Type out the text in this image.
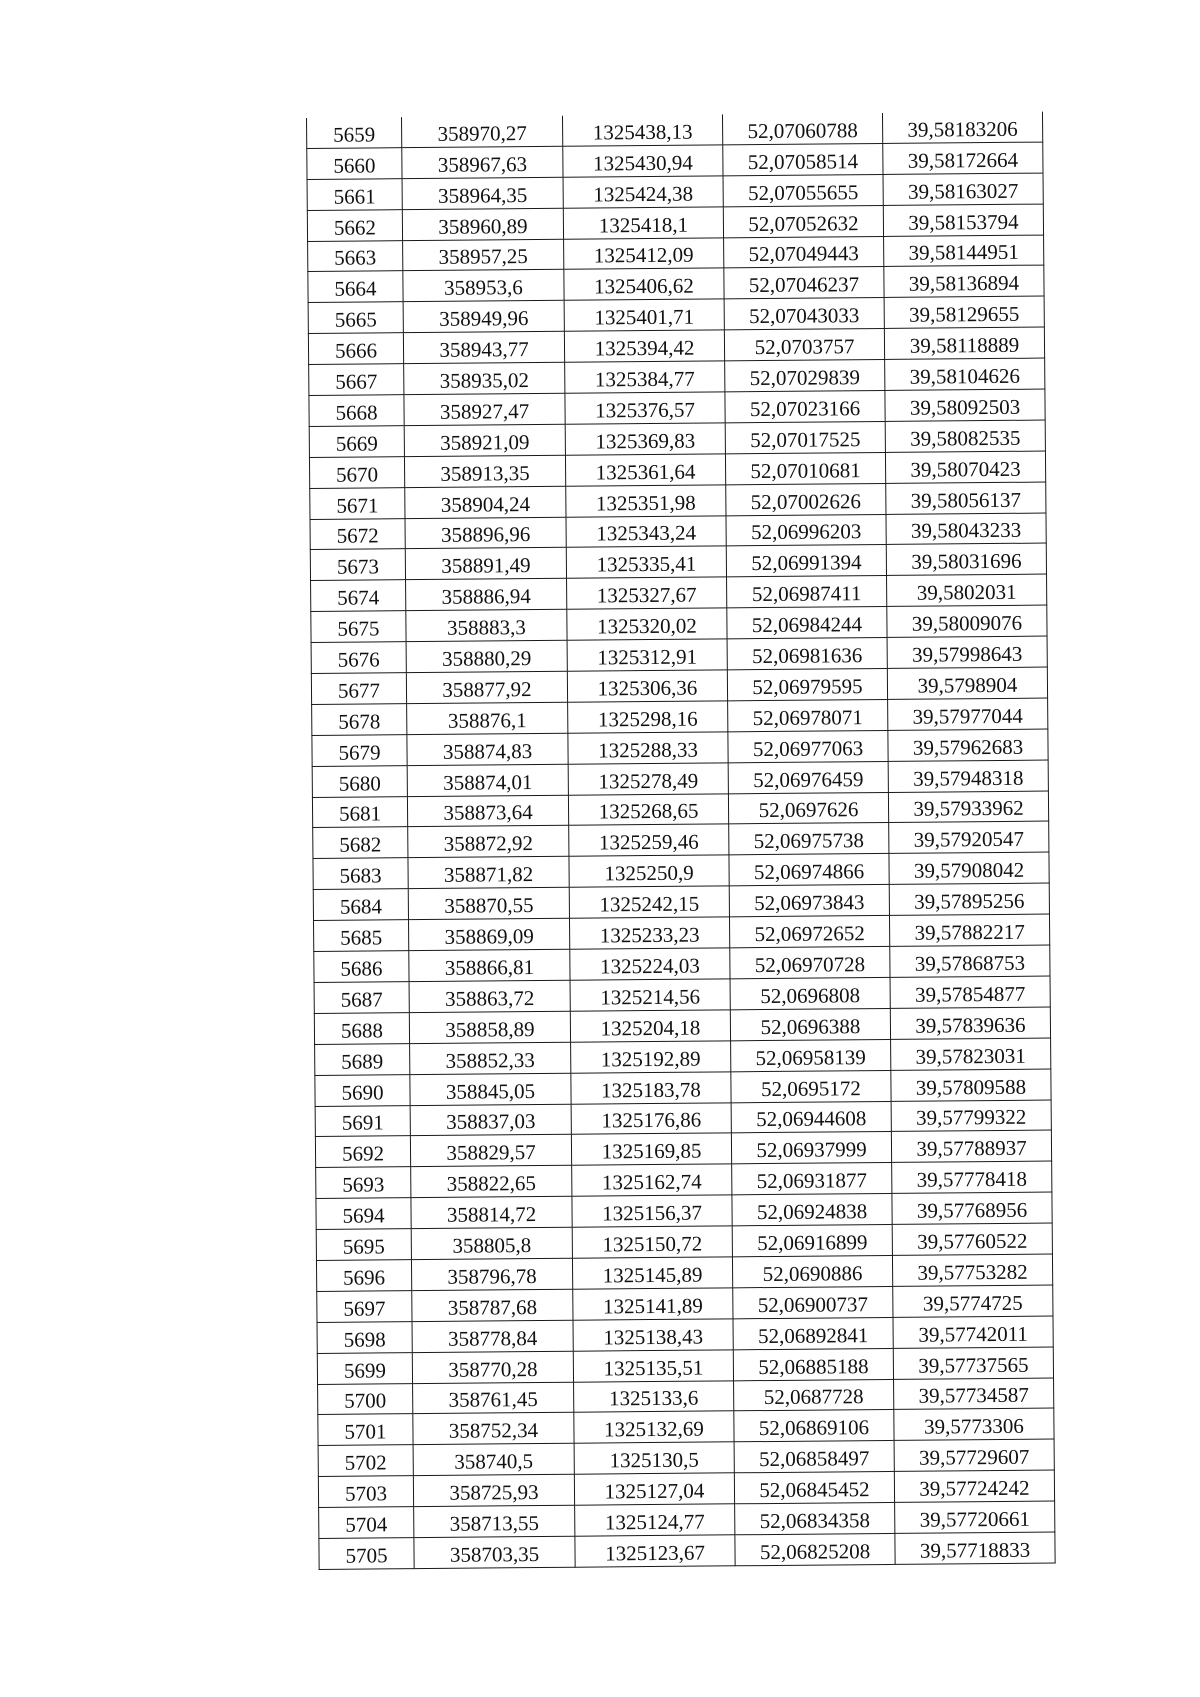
5659	358970,27	1325438,13	52,07060788	39,58183206
5660	358967,63	1325430,94	52,07058514	39,58172664
5661	358964,35	1325424,38	52,07055655	39,58163027
5662	358960,89	1325418,1	52,07052632	39,58153794
5663	358957,25	1325412,09	52,07049443	39,58144951
5664	358953,6	1325406,62	52,07046237	39,58136894
5665	358949,96	1325401,71	52,07043033	39,58129655
5666	358943,77	1325394,42	52,0703757	39,58118889
5667	358935,02	1325384,77	52,07029839	39,58104626
5668	358927,47	1325376,57	52,07023166	39,58092503
5669	358921,09	1325369,83	52,07017525	39,58082535
5670	358913,35	1325361,64	52,07010681	39,58070423
5671	358904,24	1325351,98	52,07002626	39,58056137
5672	358896,96	1325343,24	52,06996203	39,58043233
5673	358891,49	1325335,41	52,06991394	39,58031696
5674	358886,94	1325327,67	52,06987411	39,5802031
5675	358883,3	1325320,02	52,06984244	39,58009076
5676	358880,29	1325312,91	52,06981636	39,57998643
5677	358877,92	1325306,36	52,06979595	39,5798904
5678	358876,1	1325298,16	52,06978071	39,57977044
5679	358874,83	1325288,33	52,06977063	39,57962683
5680	358874,01	1325278,49	52,06976459	39,57948318
5681	358873,64	1325268,65	52,0697626	39,57933962
5682	358872,92	1325259,46	52,06975738	39,57920547
5683	358871,82	1325250,9	52,06974866	39,57908042
5684	358870,55	1325242,15	52,06973843	39,57895256
5685	358869,09	1325233,23	52,06972652	39,57882217
5686	358866,81	1325224,03	52,06970728	39,57868753
5687	358863,72	1325214,56	52,0696808	39,57854877
5688	358858,89	1325204,18	52,0696388	39,57839636
5689	358852,33	1325192,89	52,06958139	39,57823031
5690	358845,05	1325183,78	52,0695172	39,57809588
5691	358837,03	1325176,86	52,06944608	39,57799322
5692	358829,57	1325169,85	52,06937999	39,57788937
5693	358822,65	1325162,74	52,06931877	39,57778418
5694	358814,72	1325156,37	52,06924838	39,57768956
5695	358805,8	1325150,72	52,06916899	39,57760522
5696	358796,78	1325145,89	52,0690886	39,57753282
5697	358787,68	1325141,89	52,06900737	39,5774725
5698	358778,84	1325138,43	52,06892841	39,57742011
5699	358770,28	1325135,51	52,06885188	39,57737565
5700	358761,45	1325133,6	52,0687728	39,57734587
5701	358752,34	1325132,69	52,06869106	39,5773306
5702	358740,5	1325130,5	52,06858497	39,57729607
5703	358725,93	1325127,04	52,06845452	39,57724242
5704	358713,55	1325124,77	52,06834358	39,57720661
5705	358703,35	1325123,67	52,06825208	39,57718833
